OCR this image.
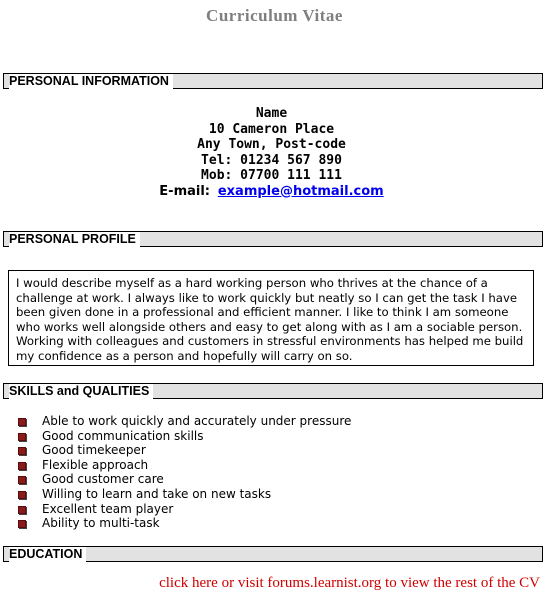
Curriculum Vitae
PERSONAL INFORMATION
Name
10 Cameron Place
Any Town, Post-code
Tel: 01234 567 890
Mob: 07700 111 111
E-mail: example@hotmail.com
PERSONAL PROFILE
I would describe myself as a hard working person who thrives at the chance of a challenge at work. I always like to work quickly but neatly so I can get the task I have been given done in a professional and efficient manner. I like to think I am someone who works well alongside others and easy to get along with as I am a sociable person. Working with colleagues and customers in stressful environments has helped me build my confidence as a person and hopefully will carry on so.
SKILLS and QUALITIES
Able to work quickly and accurately under pressure
Good communication skills
Good timekeeper
Flexible approach
Good customer care
Willing to learn and take on new tasks
Excellent team player
Ability to multi-task
EDUCATION
click here or visit forums.learnist.org to view the rest of the CV
